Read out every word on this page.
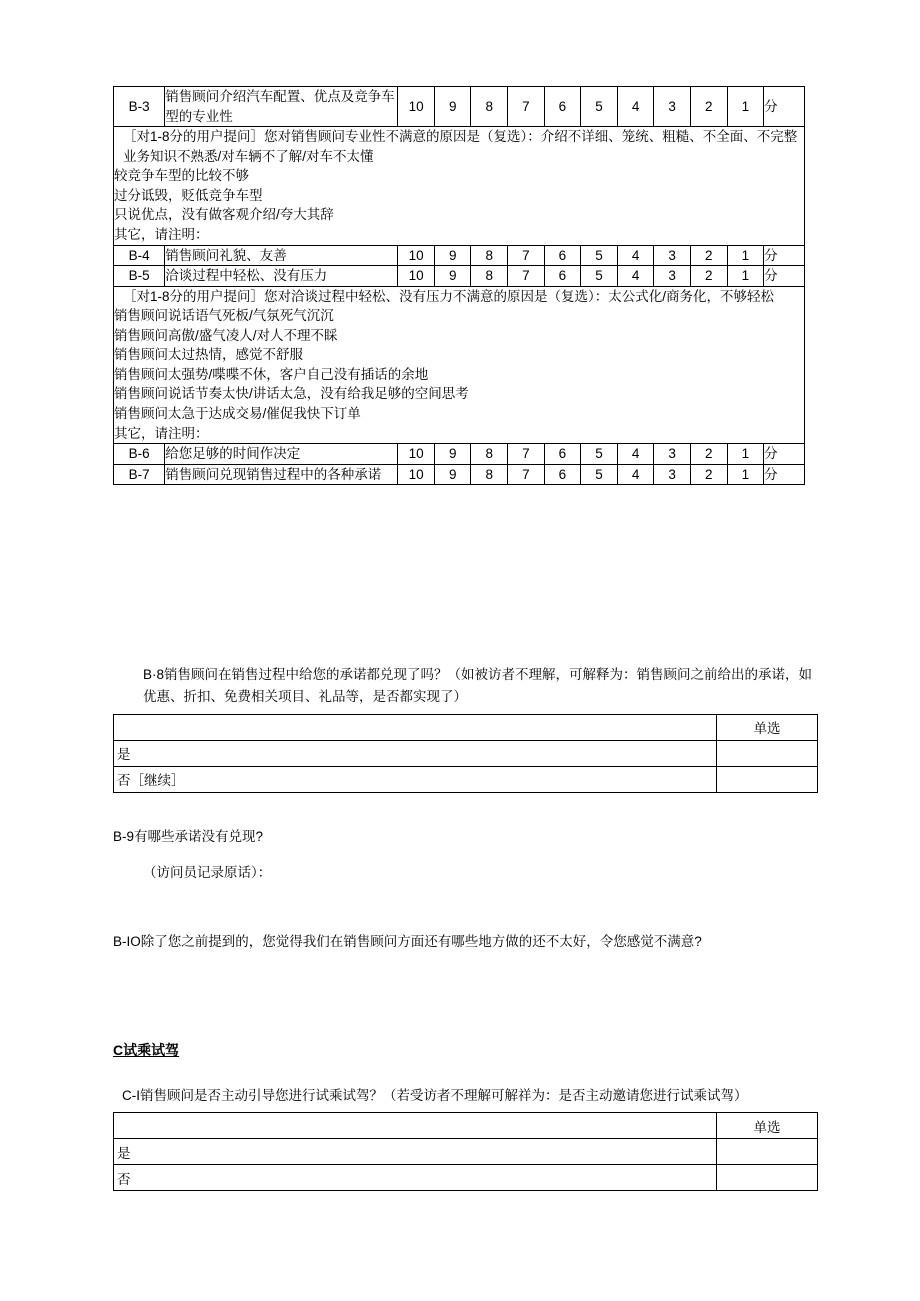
B-3	销售顾问介绍汽车配置、优点及竞争车型的专业性	10	9	8	7	6	5	4	3	2	1	分

［对1-8分的用户提问］您对销售顾问专业性不满意的原因是（复选）：介绍不详细、笼统、粗糙、不全面、不完整业务知识不熟悉/对车辆不了解/对车不太懂

较竞争车型的比较不够

过分诋毁，贬低竞争车型

只说优点，没有做客观介绍/夸大其辞

其它，请注明：												

B-4	销售顾问礼貌、友善	10	9	8	7	6	5	4	3	2	1	分
B-5	洽谈过程中轻松、没有压力	10	9	8	7	6	5	4	3	2	1	分

［对1-8分的用户提问］您对洽谈过程中轻松、没有压力不满意的原因是（复选）：太公式化/商务化，不够轻松

销售顾问说话语气死板/气氛死气沉沉

销售顾问高傲/盛气凌人/对人不理不睬

销售顾问太过热情，感觉不舒服

销售顾问太强势/喋喋不休，客户自己没有插话的余地

销售顾问说话节奏太快/讲话太急，没有给我足够的空间思考

销售顾问太急于达成交易/催促我快下订单

其它，请注明：

B-6	给您足够的时间作决定	10	9	8	7	6	5	4	3	2	1	分
B-7	销售顾问兑现销售过程中的各种承诺	10	9	8	7	6	5	4	3	2	1	分

B·8销售顾问在销售过程中给您的承诺都兑现了吗？（如被访者不理解，可解释为：销售顾问之前给出的承诺，如优惠、折扣、免费相关项目、礼品等，是否都实现了）

	单选
是	
否［继续］	

B-9有哪些承诺没有兑现?

（访问员记录原话）：

B-IO除了您之前提到的，您觉得我们在销售顾问方面还有哪些地方做的还不太好，令您感觉不满意?

C试乘试驾

C-I销售顾问是否主动引导您进行试乘试驾？（若受访者不理解可解祥为：是否主动邀请您进行试乘试驾）

	单选
是	
否	
